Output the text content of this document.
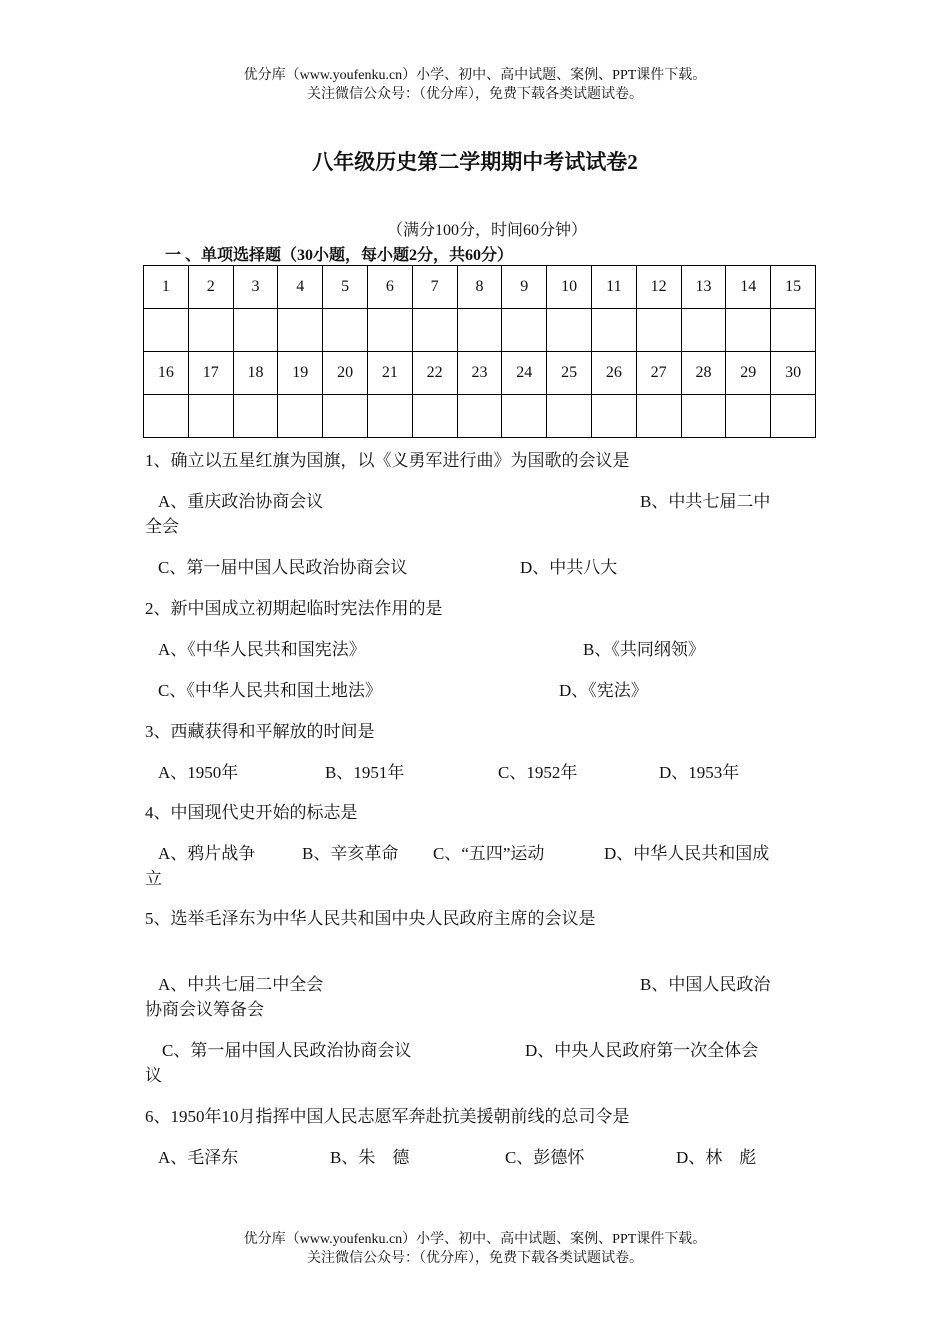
优分库（www.youfenku.cn）小学、初中、高中试题、案例、PPT课件下载。
关注微信公众号：（优分库），免费下载各类试题试卷。
八年级历史第二学期期中考试试卷2
（满分100分，时间60分钟）
一 、单项选择题（30小题，每小题2分，共60分）
1	2	3	4	5	6	7	8	9	10	11	12	13	14	15

16	17	18	19	20	21	22	23	24	25	26	27	28	29	30

1、确立以五星红旗为国旗，以《义勇军进行曲》为国歌的会议是
A、重庆政治协商会议	B、中共七届二中
全会
C、第一届中国人民政治协商会议	D、中共八大
2、新中国成立初期起临时宪法作用的是
A、《中华人民共和国宪法》	B、《共同纲领》
C、《中华人民共和国土地法》	D、《宪法》
3、西藏获得和平解放的时间是
A、1950年	B、1951年	C、1952年	D、1953年
4、中国现代史开始的标志是
A、鸦片战争	B、辛亥革命 C、“五四”运动	D、中华人民共和国成
立
5、选举毛泽东为中华人民共和国中央人民政府主席的会议是
A、中共七届二中全会	B、中国人民政治
协商会议筹备会
C、第一届中国人民政治协商会议	D、中央人民政府第一次全体会
议
6、1950年10月指挥中国人民志愿军奔赴抗美援朝前线的总司令是
A、毛泽东	B、朱　德	C、彭德怀	D、林　彪
优分库（www.youfenku.cn）小学、初中、高中试题、案例、PPT课件下载。
关注微信公众号：（优分库），免费下载各类试题试卷。
